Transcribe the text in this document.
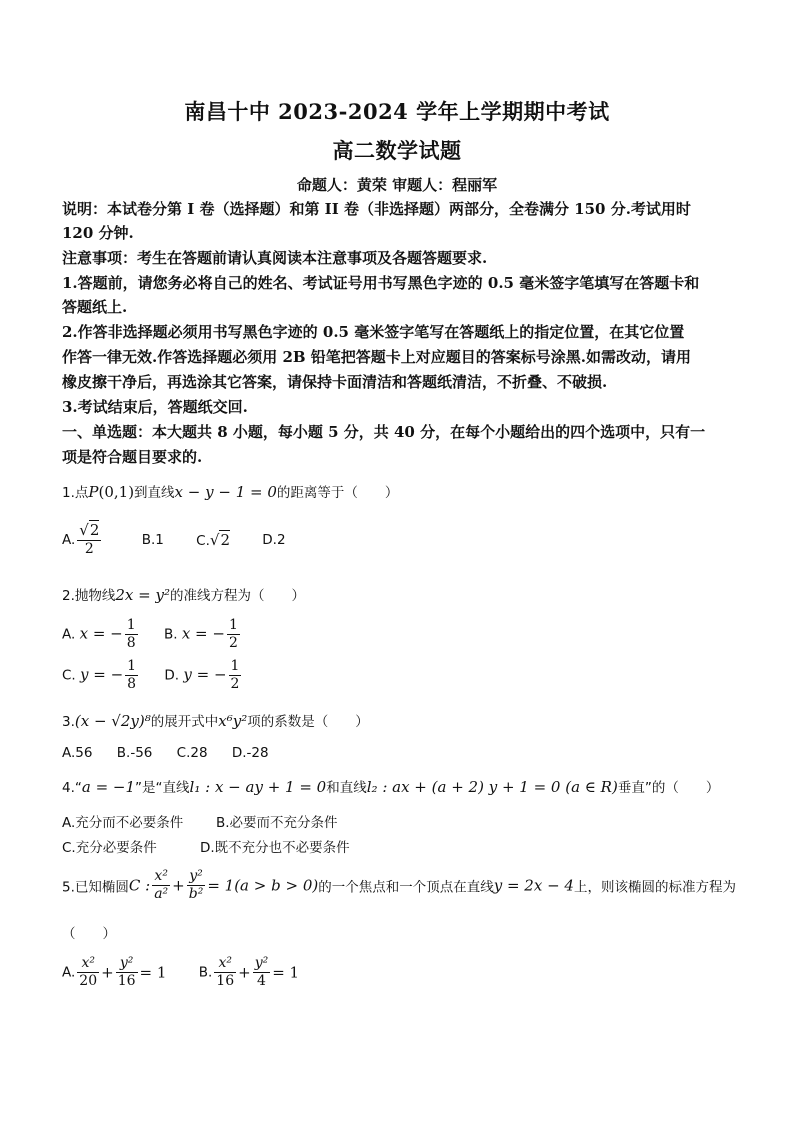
南昌十中 2023-2024 学年上学期期中考试
高二数学试题
命题人：黄荣 审题人：程丽军
说明：本试卷分第 I 卷（选择题）和第 II 卷（非选择题）两部分，全卷满分 150 分.考试用时
120 分钟.
注意事项：考生在答题前请认真阅读本注意事项及各题答题要求.
1.答题前，请您务必将自己的姓名、考试证号用书写黑色字迹的 0.5 毫米签字笔填写在答题卡和
答题纸上.
2.作答非选择题必须用书写黑色字迹的 0.5 毫米签字笔写在答题纸上的指定位置，在其它位置
作答一律无效.作答选择题必须用 2B 铅笔把答题卡上对应题目的答案标号涂黑.如需改动，请用
橡皮擦干净后，再选涂其它答案，请保持卡面清洁和答题纸清洁，不折叠、不破损.
3.考试结束后，答题纸交回.
一、单选题：本大题共 8 小题，每小题 5 分，共 40 分，在每个小题给出的四个选项中，只有一
项是符合题目要求的.
1.点P(0,1)到直线x − y − 1 = 0的距离等于（　　）
A. $\frac{√2}{2}$	B.1 C.√2 D.2
2.抛物线2x = y²的准线方程为（　　）
A. x = − $\frac{1}{8} B$. x = − $\frac{1}{2}$
C. y = − $\frac{1}{8} D$. y = − $\frac{1}{2}$
3.(x − √2y)⁸的展开式中x⁶y²项的系数是（　　）
A.56 B.-56 C.28 D.-28
4.“a = −1”是“直线l₁ : x − ay + 1 = 0和直线l₂ : ax + (a + 2) y + 1 = 0 (a ∈ R)垂直”的（　　）
A.充分而不必要条件 B.必要而不充分条件
C.充分必要条件	D.既不充分也不必要条件
5.已知椭圆C : $\frac{\text{x²}}{\text{a²}} + \frac{\text{y²}}{\text{b²}} = 1(a > b > 0)$的一个焦点和一个顶点在直线y = 2x − 4上，则该椭圆的标准方程为
（　　）
A. $\frac{\text{x²}}{20} + \frac{\text{y²}}{16} = 1$ B. $\frac{\text{x²}}{16} + \frac{\text{y²}}{4} = 1$
